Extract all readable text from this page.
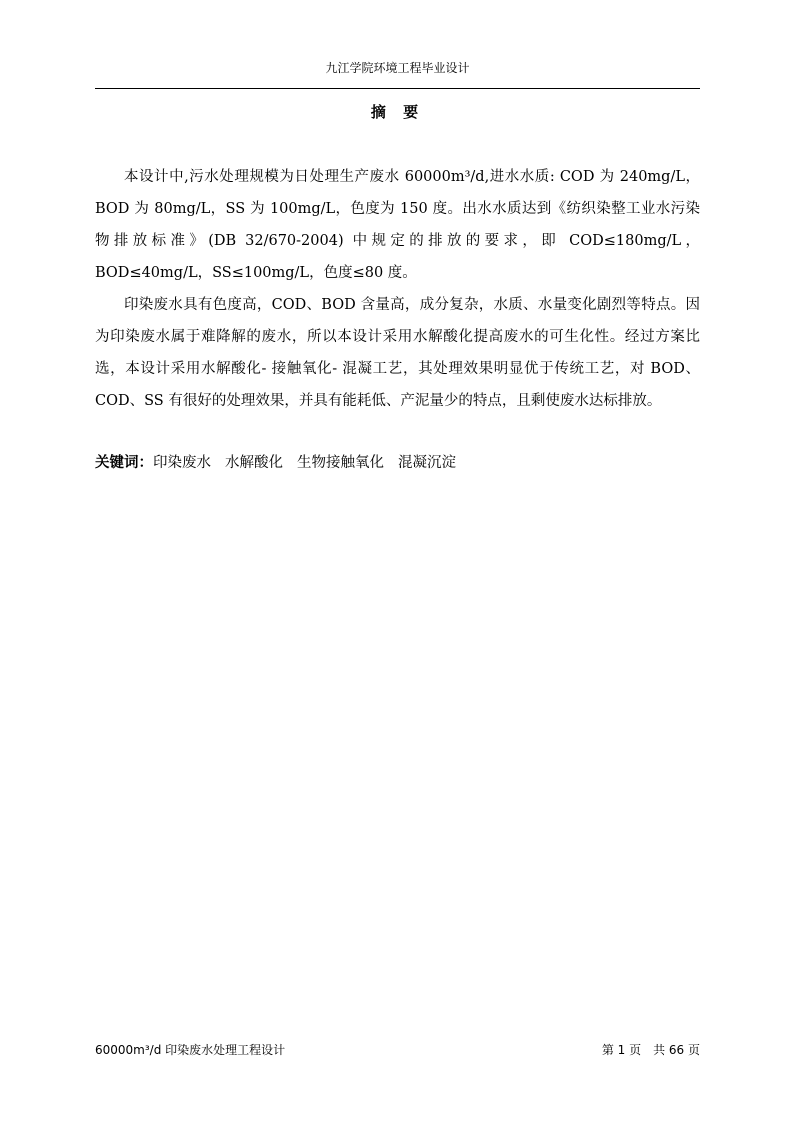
九江学院环境工程毕业设计
摘 要

本设计中,污水处理规模为日处理生产废水 60000m³/d,进水水质: COD 为 240mg/L，BOD 为 80mg/L，SS 为 100mg/L，色度为 150 度。出水水质达到《纺织染整工业水污染物排放标准》(DB 32/670-2004) 中规定的排放的要求，即 COD≤180mg/L，BOD≤40mg/L，SS≤100mg/L，色度≤80 度。

印染废水具有色度高，COD、BOD 含量高，成分复杂，水质、水量变化剧烈等特点。因为印染废水属于难降解的废水，所以本设计采用水解酸化提高废水的可生化性。经过方案比选，本设计采用水解酸化- 接触氧化- 混凝工艺，其处理效果明显优于传统工艺，对 BOD、COD、SS 有很好的处理效果，并具有能耗低、产泥量少的特点，且剩使废水达标排放。

关键词：印染废水 水解酸化 生物接触氧化 混凝沉淀
60000m³/d 印染废水处理工程设计	第 1 页　共 66 页
